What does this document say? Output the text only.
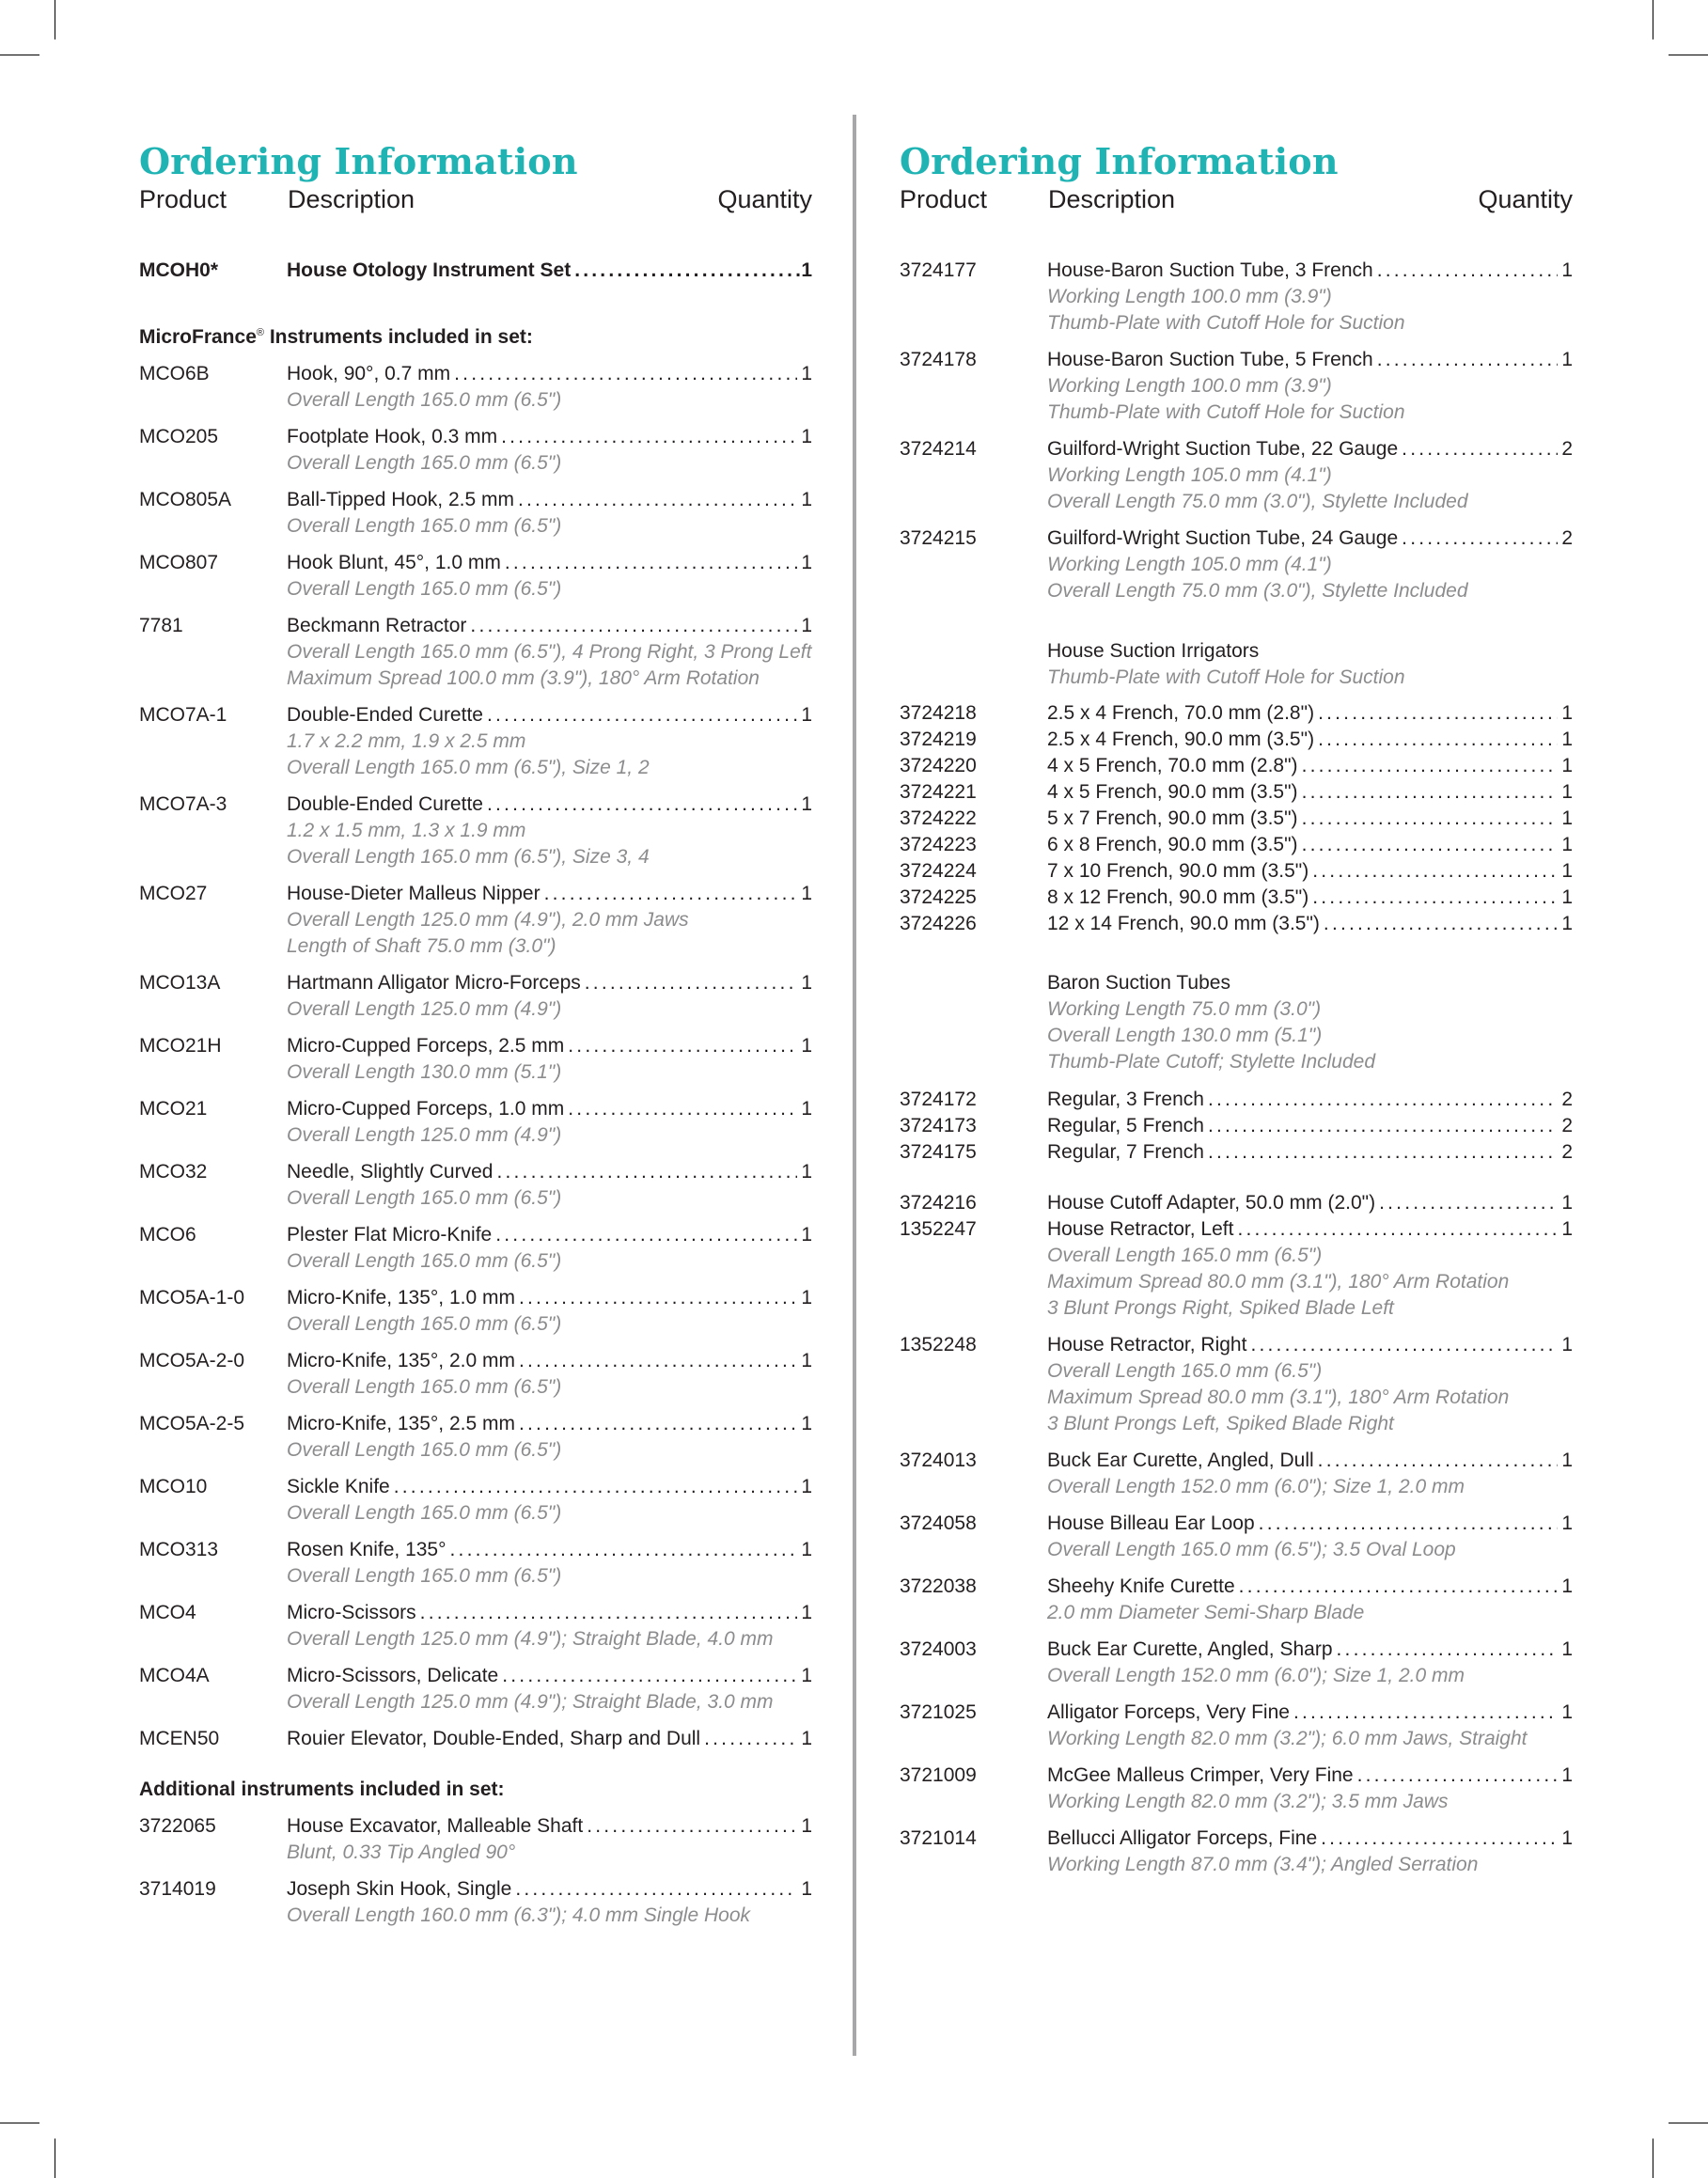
Ordering Information
Product Description	Quantity
MCOH0*	House Otology Instrument Set .....	1
MicroFrance® Instruments included in set:
MCO6B	Hook, 90°, 0.7 mm .....	1
Overall Length 165.0 mm (6.5")
MCO205	Footplate Hook, 0.3 mm .....	1
Overall Length 165.0 mm (6.5")
MCO805A	Ball-Tipped Hook, 2.5 mm .....	1
Overall Length 165.0 mm (6.5")
MCO807	Hook Blunt, 45°, 1.0 mm .....	1
Overall Length 165.0 mm (6.5")
7781	Beckmann Retractor .....	1
Overall Length 165.0 mm (6.5"), 4 Prong Right, 3 Prong Left
Maximum Spread 100.0 mm (3.9"), 180° Arm Rotation
MCO7A-1	Double-Ended Curette .....	1
1.7 x 2.2 mm, 1.9 x 2.5 mm
Overall Length 165.0 mm (6.5"), Size 1, 2
MCO7A-3	Double-Ended Curette .....	1
1.2 x 1.5 mm, 1.3 x 1.9 mm
Overall Length 165.0 mm (6.5"), Size 3, 4
MCO27	House-Dieter Malleus Nipper .....	1
Overall Length 125.0 mm (4.9"), 2.0 mm Jaws
Length of Shaft 75.0 mm (3.0")
MCO13A	Hartmann Alligator Micro-Forceps .....	1
Overall Length 125.0 mm (4.9")
MCO21H	Micro-Cupped Forceps, 2.5 mm .....	1
Overall Length 130.0 mm (5.1")
MCO21	Micro-Cupped Forceps, 1.0 mm .....	1
Overall Length 125.0 mm (4.9")
MCO32	Needle, Slightly Curved .....	1
Overall Length 165.0 mm (6.5")
MCO6	Plester Flat Micro-Knife .....	1
Overall Length 165.0 mm (6.5")
MCO5A-1-0	Micro-Knife, 135°, 1.0 mm .....	1
Overall Length 165.0 mm (6.5")
MCO5A-2-0	Micro-Knife, 135°, 2.0 mm .....	1
Overall Length 165.0 mm (6.5")
MCO5A-2-5	Micro-Knife, 135°, 2.5 mm .....	1
Overall Length 165.0 mm (6.5")
MCO10	Sickle Knife .....	1
Overall Length 165.0 mm (6.5")
MCO313	Rosen Knife, 135° .....	1
Overall Length 165.0 mm (6.5")
MCO4	Micro-Scissors .....	1
Overall Length 125.0 mm (4.9"); Straight Blade, 4.0 mm
MCO4A	Micro-Scissors, Delicate .....	1
Overall Length 125.0 mm (4.9"); Straight Blade, 3.0 mm
MCEN50	Rouier Elevator, Double-Ended, Sharp and Dull .....	1
Additional instruments included in set:
3722065	House Excavator, Malleable Shaft .....	1
Blunt, 0.33 Tip Angled 90°
3714019	Joseph Skin Hook, Single .....	1
Overall Length 160.0 mm (6.3"); 4.0 mm Single Hook
Ordering Information
Product Description	Quantity
3724177	House-Baron Suction Tube, 3 French .....	1
Working Length 100.0 mm (3.9")
Thumb-Plate with Cutoff Hole for Suction
3724178	House-Baron Suction Tube, 5 French .....	1
Working Length 100.0 mm (3.9")
Thumb-Plate with Cutoff Hole for Suction
3724214	Guilford-Wright Suction Tube, 22 Gauge .....	2
Working Length 105.0 mm (4.1")
Overall Length 75.0 mm (3.0"), Stylette Included
3724215	Guilford-Wright Suction Tube, 24 Gauge .....	2
Working Length 105.0 mm (4.1")
Overall Length 75.0 mm (3.0"), Stylette Included
House Suction Irrigators
Thumb-Plate with Cutoff Hole for Suction
3724218	2.5 x 4 French, 70.0 mm (2.8") .....	1
3724219	2.5 x 4 French, 90.0 mm (3.5") .....	1
3724220	4 x 5 French, 70.0 mm (2.8") .....	1
3724221	4 x 5 French, 90.0 mm (3.5") .....	1
3724222	5 x 7 French, 90.0 mm (3.5") .....	1
3724223	6 x 8 French, 90.0 mm (3.5") .....	1
3724224	7 x 10 French, 90.0 mm (3.5") .....	1
3724225	8 x 12 French, 90.0 mm (3.5") .....	1
3724226	12 x 14 French, 90.0 mm (3.5") .....	1
Baron Suction Tubes
Working Length 75.0 mm (3.0")
Overall Length 130.0 mm (5.1")
Thumb-Plate Cutoff; Stylette Included
3724172	Regular, 3 French .....	2
3724173	Regular, 5 French .....	2
3724175	Regular, 7 French .....	2
3724216	House Cutoff Adapter, 50.0 mm (2.0") .....	1
1352247	House Retractor, Left .....	1
Overall Length 165.0 mm (6.5")
Maximum Spread 80.0 mm (3.1"), 180° Arm Rotation
3 Blunt Prongs Right, Spiked Blade Left
1352248	House Retractor, Right .....	1
Overall Length 165.0 mm (6.5")
Maximum Spread 80.0 mm (3.1"), 180° Arm Rotation
3 Blunt Prongs Left, Spiked Blade Right
3724013	Buck Ear Curette, Angled, Dull .....	1
Overall Length 152.0 mm (6.0"); Size 1, 2.0 mm
3724058	House Billeau Ear Loop .....	1
Overall Length 165.0 mm (6.5"); 3.5 Oval Loop
3722038	Sheehy Knife Curette .....	1
2.0 mm Diameter Semi-Sharp Blade
3724003	Buck Ear Curette, Angled, Sharp .....	1
Overall Length 152.0 mm (6.0"); Size 1, 2.0 mm
3721025	Alligator Forceps, Very Fine .....	1
Working Length 82.0 mm (3.2"); 6.0 mm Jaws, Straight
3721009	McGee Malleus Crimper, Very Fine .....	1
Working Length 82.0 mm (3.2"); 3.5 mm Jaws
3721014	Bellucci Alligator Forceps, Fine .....	1
Working Length 87.0 mm (3.4"); Angled Serration
